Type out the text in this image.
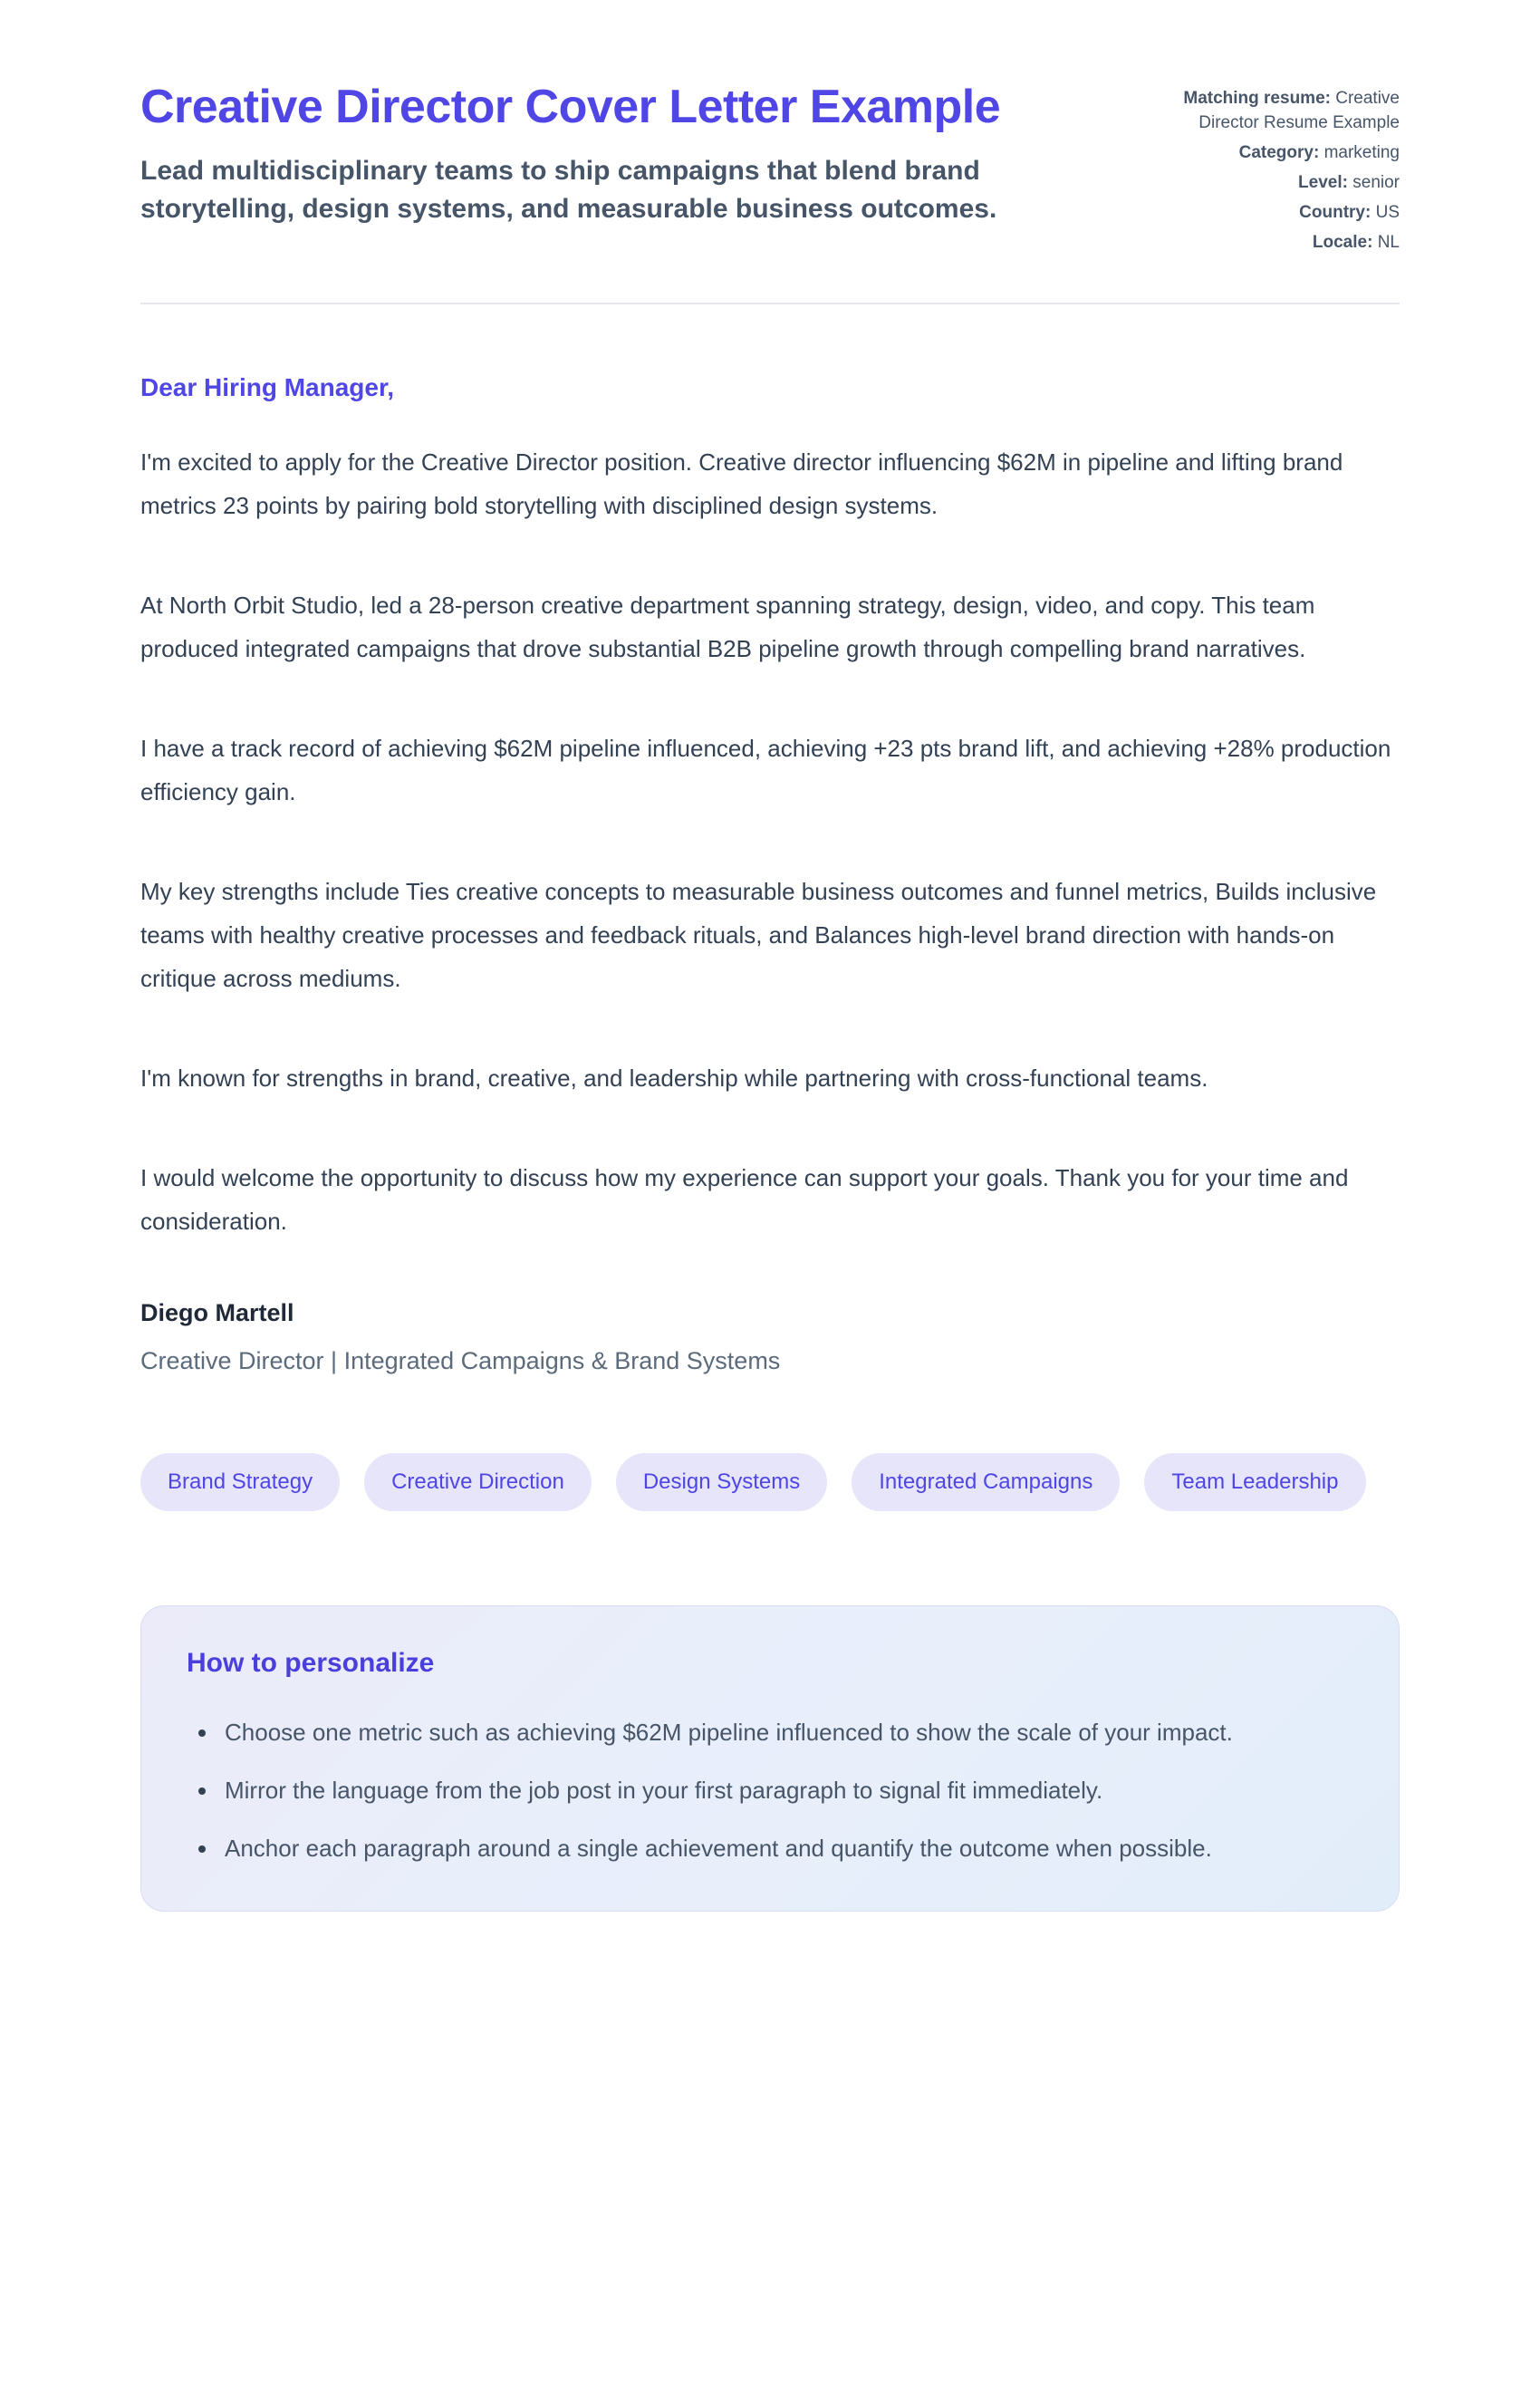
Creative Director Cover Letter Example

Lead multidisciplinary teams to ship campaigns that blend brand storytelling, design systems, and measurable business outcomes.

Matching resume: Creative Director Resume Example
Category: marketing
Level: senior
Country: US
Locale: NL
Dear Hiring Manager,

I'm excited to apply for the Creative Director position. Creative director influencing $62M in pipeline and lifting brand metrics 23 points by pairing bold storytelling with disciplined design systems.

At North Orbit Studio, led a 28-person creative department spanning strategy, design, video, and copy. This team produced integrated campaigns that drove substantial B2B pipeline growth through compelling brand narratives.

I have a track record of achieving $62M pipeline influenced, achieving +23 pts brand lift, and achieving +28% production efficiency gain.

My key strengths include Ties creative concepts to measurable business outcomes and funnel metrics, Builds inclusive teams with healthy creative processes and feedback rituals, and Balances high-level brand direction with hands-on critique across mediums.

I'm known for strengths in brand, creative, and leadership while partnering with cross-functional teams.

I would welcome the opportunity to discuss how my experience can support your goals. Thank you for your time and consideration.

Diego Martell

Creative Director | Integrated Campaigns & Brand Systems

Brand Strategy	Creative Direction	Design Systems	Integrated Campaigns	Team Leadership
How to personalize
• Choose one metric such as achieving $62M pipeline influenced to show the scale of your impact.
• Mirror the language from the job post in your first paragraph to signal fit immediately.
• Anchor each paragraph around a single achievement and quantify the outcome when possible.
